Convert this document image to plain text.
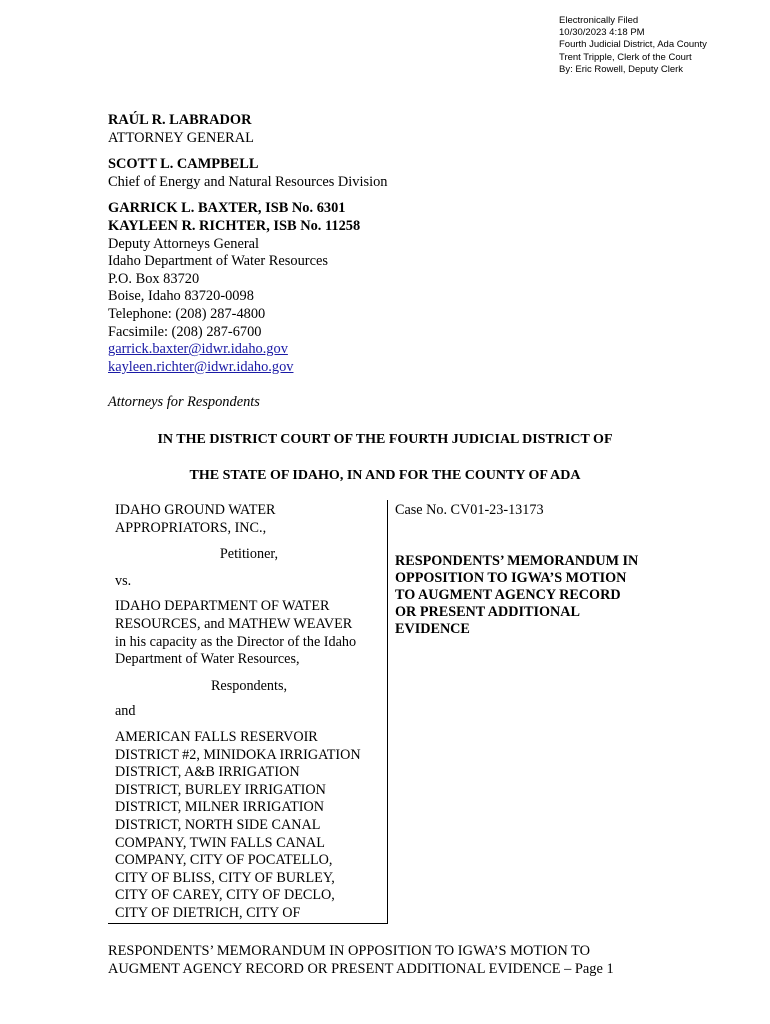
Electronically Filed
10/30/2023 4:18 PM
Fourth Judicial District, Ada County
Trent Tripple, Clerk of the Court
By: Eric Rowell, Deputy Clerk
RAÚL R. LABRADOR
ATTORNEY GENERAL
SCOTT L. CAMPBELL
Chief of Energy and Natural Resources Division
GARRICK L. BAXTER, ISB No. 6301
KAYLEEN R. RICHTER, ISB No. 11258
Deputy Attorneys General
Idaho Department of Water Resources
P.O. Box 83720
Boise, Idaho 83720-0098
Telephone: (208) 287-4800
Facsimile: (208) 287-6700
garrick.baxter@idwr.idaho.gov
kayleen.richter@idwr.idaho.gov
Attorneys for Respondents
IN THE DISTRICT COURT OF THE FOURTH JUDICIAL DISTRICT OF
THE STATE OF IDAHO, IN AND FOR THE COUNTY OF ADA
IDAHO GROUND WATER
APPROPRIATORS, INC.,
Petitioner,
vs.
IDAHO DEPARTMENT OF WATER
RESOURCES, and MATHEW WEAVER
in his capacity as the Director of the Idaho
Department of Water Resources,
Respondents,
and
AMERICAN FALLS RESERVOIR
DISTRICT #2, MINIDOKA IRRIGATION
DISTRICT, A&B IRRIGATION
DISTRICT, BURLEY IRRIGATION
DISTRICT, MILNER IRRIGATION
DISTRICT, NORTH SIDE CANAL
COMPANY, TWIN FALLS CANAL
COMPANY, CITY OF POCATELLO,
CITY OF BLISS, CITY OF BURLEY,
CITY OF CAREY, CITY OF DECLO,
CITY OF DIETRICH, CITY OF
Case No. CV01-23-13173
RESPONDENTS’ MEMORANDUM IN
OPPOSITION TO IGWA’S MOTION
TO AUGMENT AGENCY RECORD
OR PRESENT ADDITIONAL
EVIDENCE
RESPONDENTS’ MEMORANDUM IN OPPOSITION TO IGWA’S MOTION TO
AUGMENT AGENCY RECORD OR PRESENT ADDITIONAL EVIDENCE – Page 1
